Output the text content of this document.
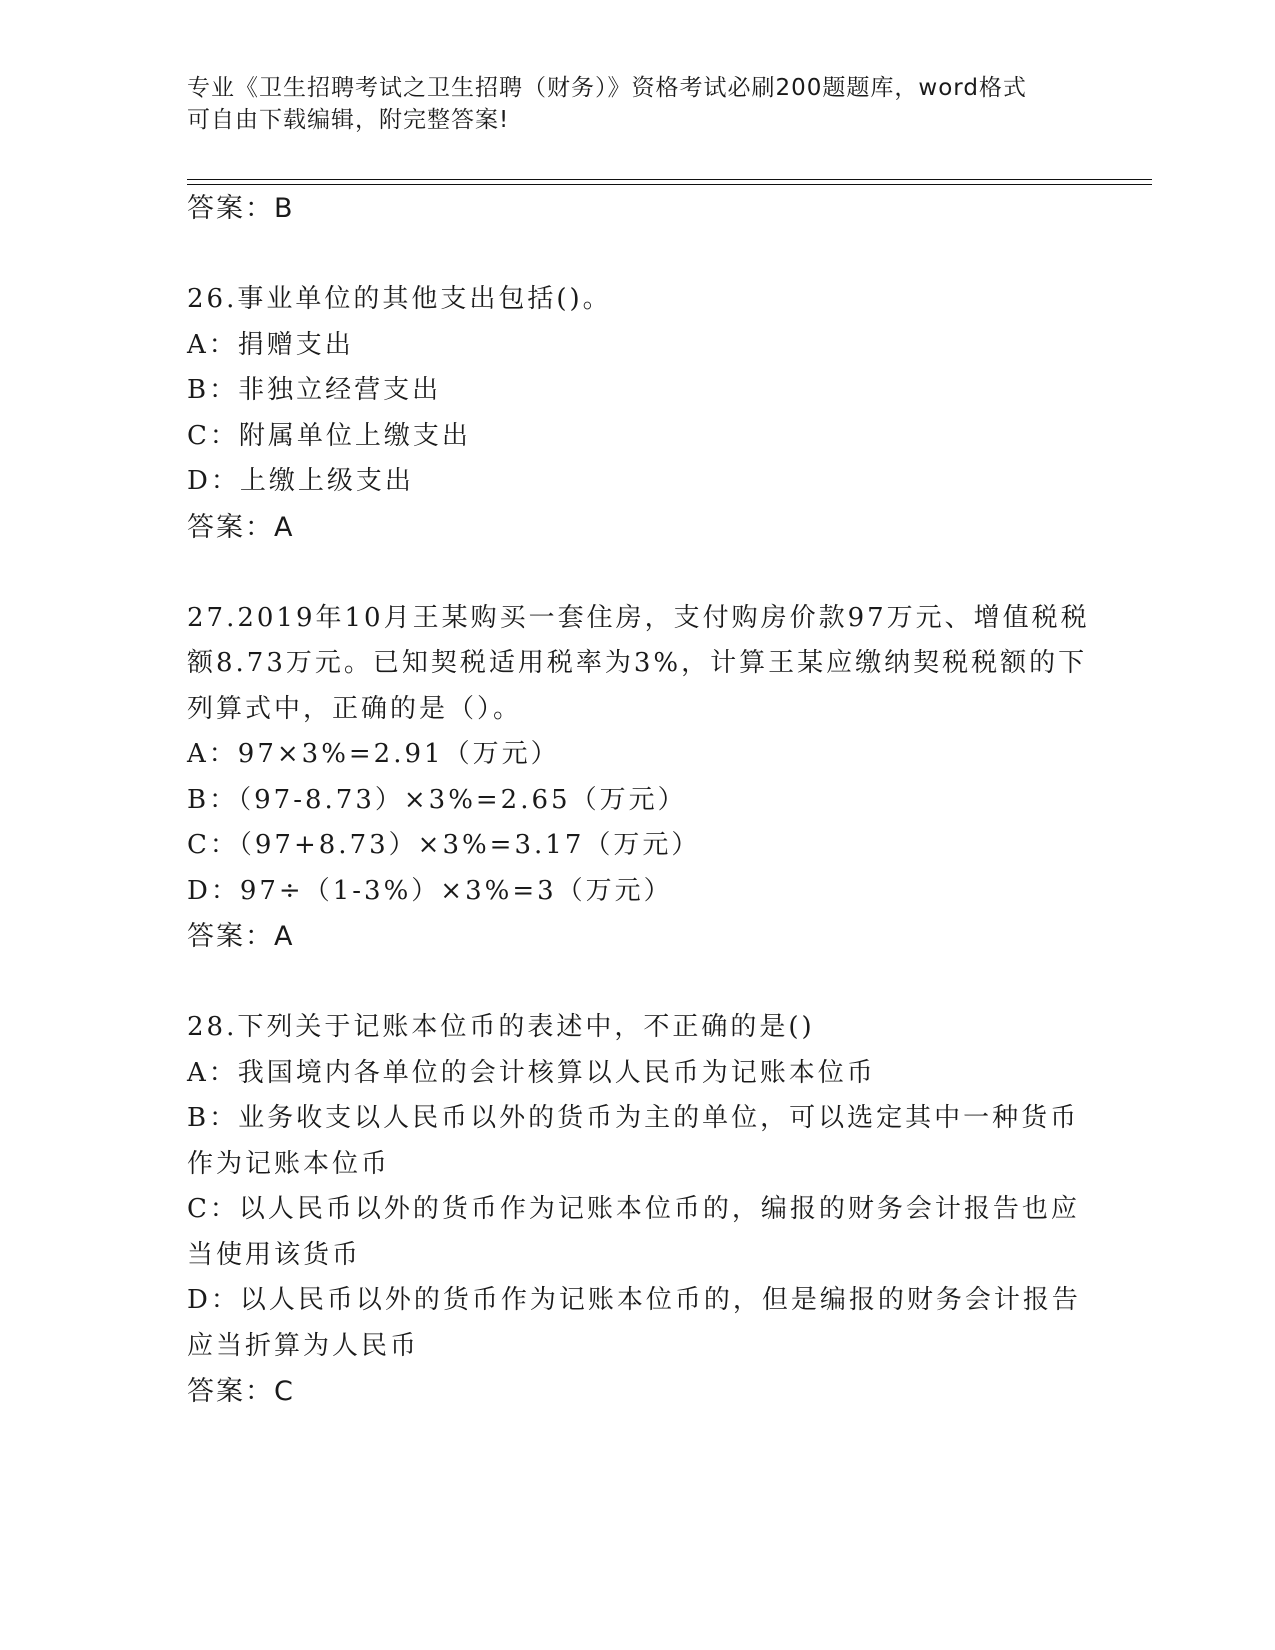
专业《卫生招聘考试之卫生招聘（财务）》资格考试必刷200题题库，word格式
可自由下载编辑，附完整答案!
答案：B
26.事业单位的其他支出包括()。
A：捐赠支出
B：非独立经营支出
C：附属单位上缴支出
D：上缴上级支出
答案：A
27.2019年10月王某购买一套住房，支付购房价款97万元、增值税税
额8.73万元。已知契税适用税率为3%，计算王某应缴纳契税税额的下
列算式中，正确的是（）。
A：97×3%=2.91（万元）
B：（97-8.73）×3%=2.65（万元）
C：（97+8.73）×3%=3.17（万元）
D：97÷（1-3%）×3%=3（万元）
答案：A
28.下列关于记账本位币的表述中，不正确的是()
A：我国境内各单位的会计核算以人民币为记账本位币
B：业务收支以人民币以外的货币为主的单位，可以选定其中一种货币
作为记账本位币
C：以人民币以外的货币作为记账本位币的，编报的财务会计报告也应
当使用该货币
D：以人民币以外的货币作为记账本位币的，但是编报的财务会计报告
应当折算为人民币
答案：C
